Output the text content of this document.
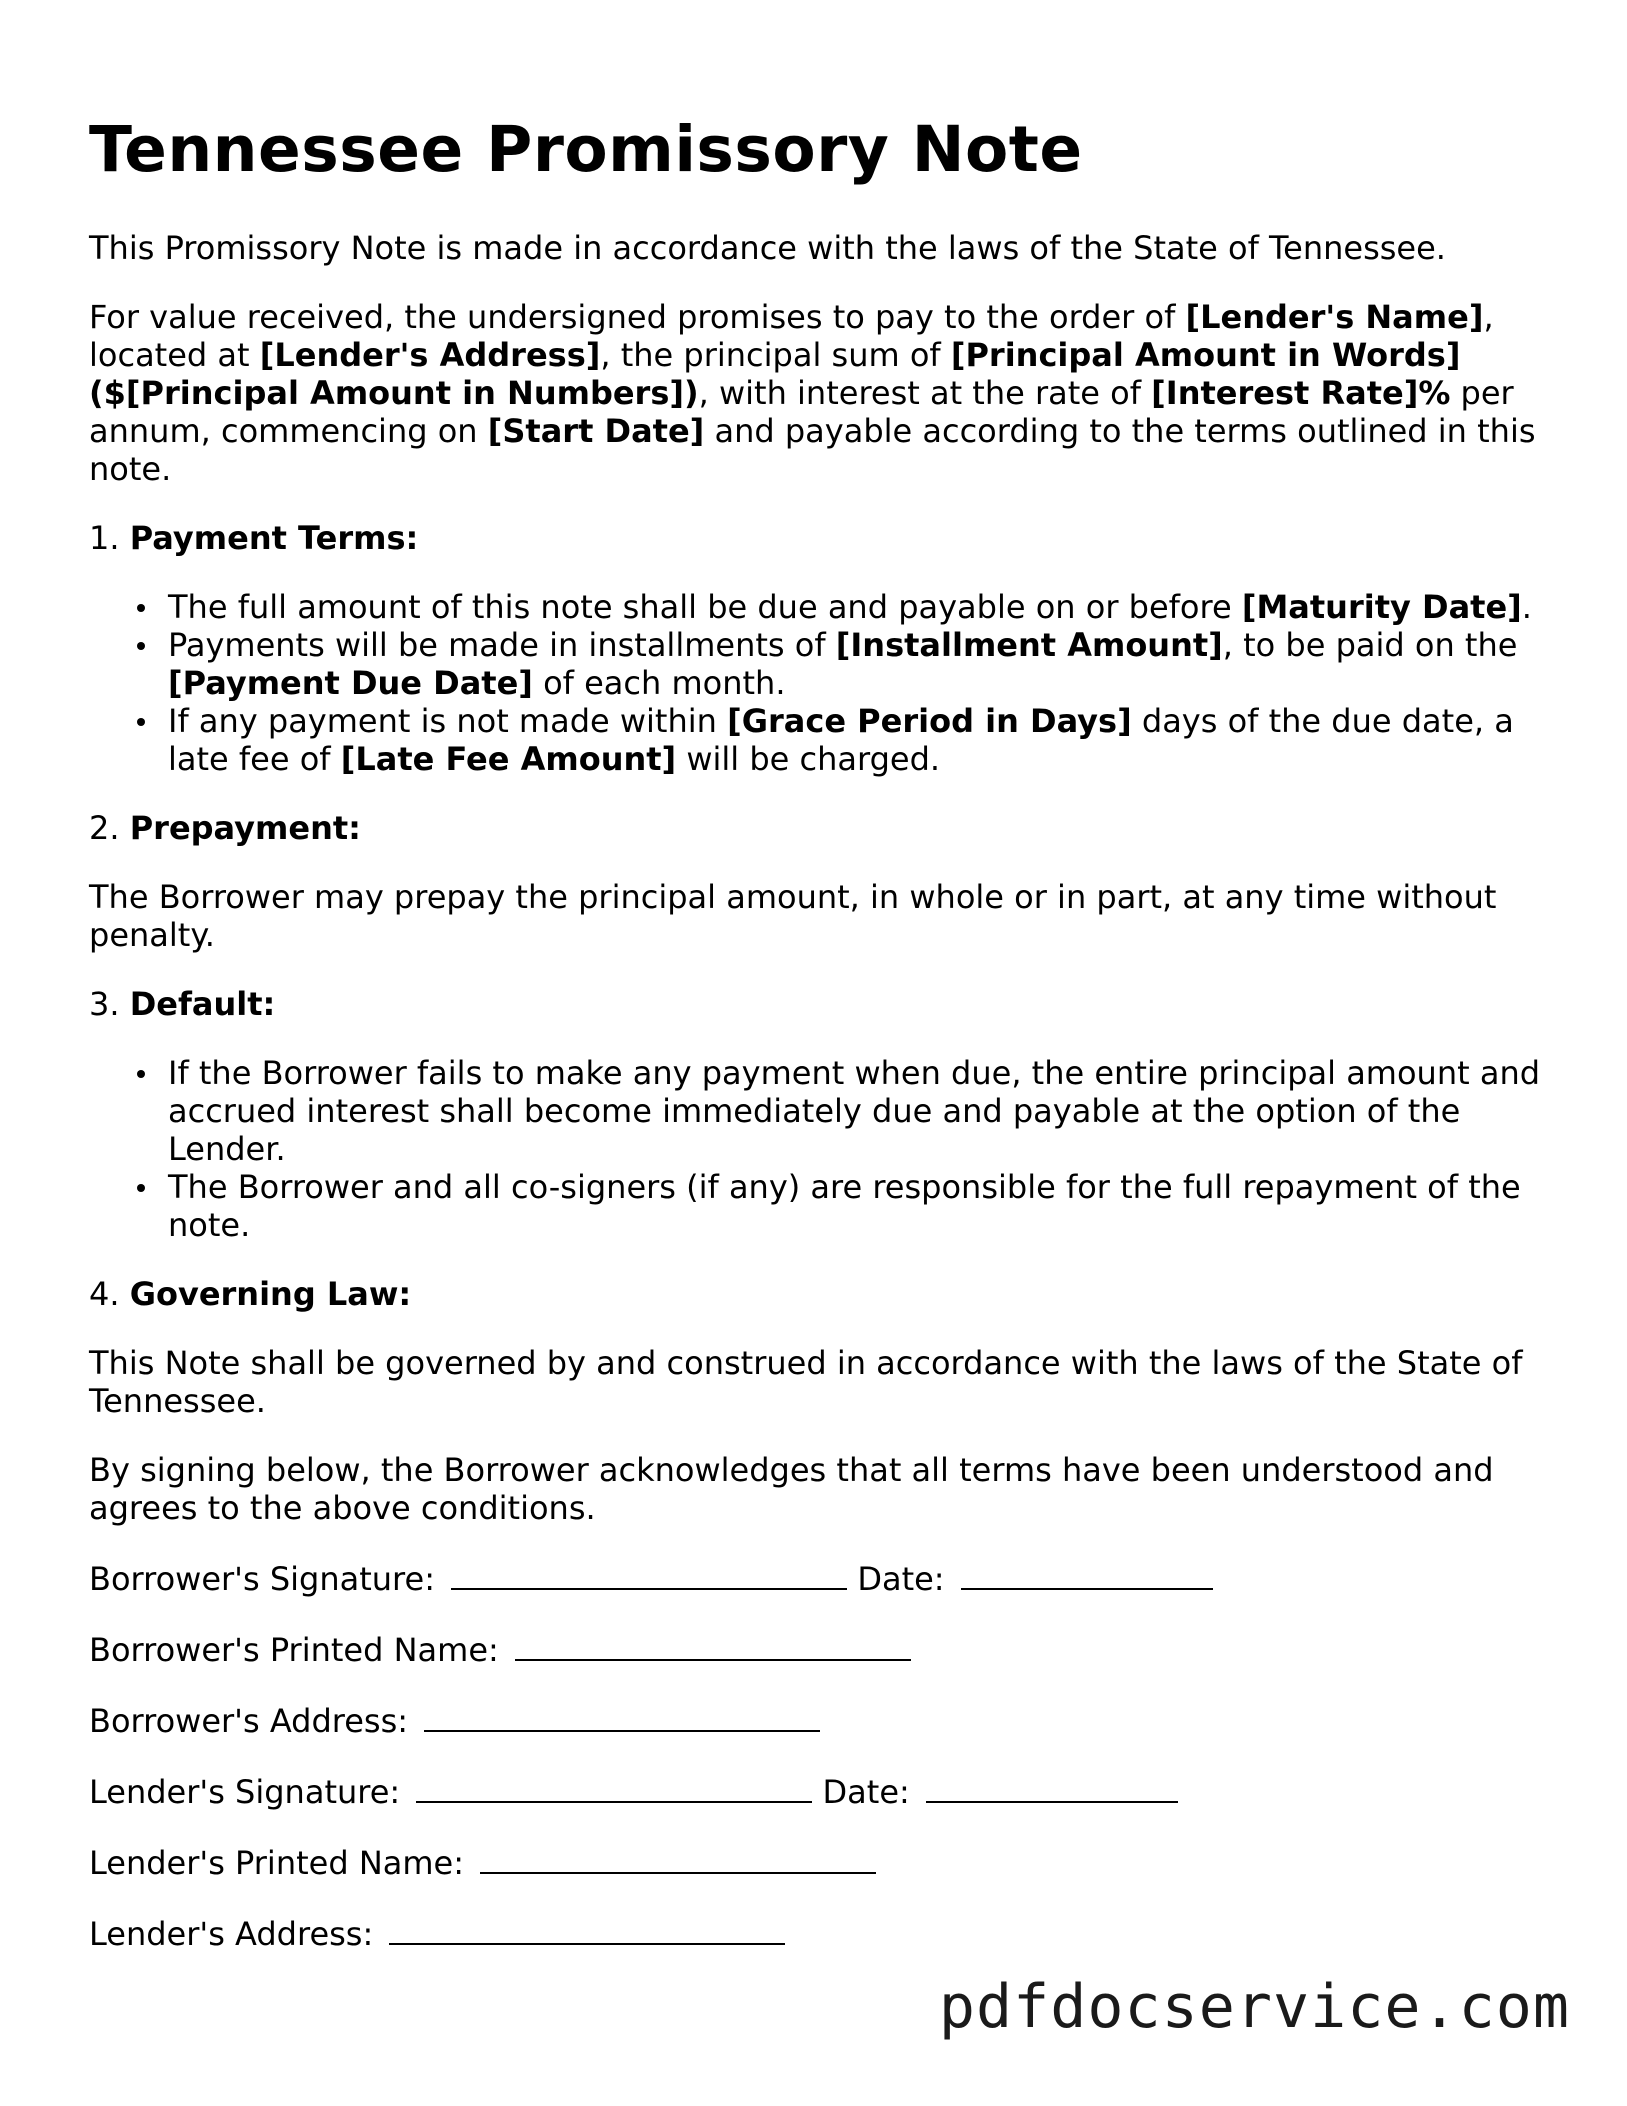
Tennessee Promissory Note

This Promissory Note is made in accordance with the laws of the State of Tennessee.

For value received, the undersigned promises to pay to the order of [Lender's Name], located at [Lender's Address], the principal sum of [Principal Amount in Words] ($[Principal Amount in Numbers]), with interest at the rate of [Interest Rate]% per annum, commencing on [Start Date] and payable according to the terms outlined in this note.

1. Payment Terms:
The full amount of this note shall be due and payable on or before [Maturity Date].
Payments will be made in installments of [Installment Amount], to be paid on the [Payment Due Date] of each month.
If any payment is not made within [Grace Period in Days] days of the due date, a late fee of [Late Fee Amount] will be charged.
2. Prepayment:

The Borrower may prepay the principal amount, in whole or in part, at any time without penalty.

3. Default:
If the Borrower fails to make any payment when due, the entire principal amount and accrued interest shall become immediately due and payable at the option of the Lender.
The Borrower and all co-signers (if any) are responsible for the full repayment of the note.
4. Governing Law:

This Note shall be governed by and construed in accordance with the laws of the State of Tennessee.

By signing below, the Borrower acknowledges that all terms have been understood and agrees to the above conditions.

Borrower's Signature:	Date:
Borrower's Printed Name:
Borrower's Address:
Lender's Signature:	Date:
Lender's Printed Name:
Lender's Address:
pdfdocservice.com
